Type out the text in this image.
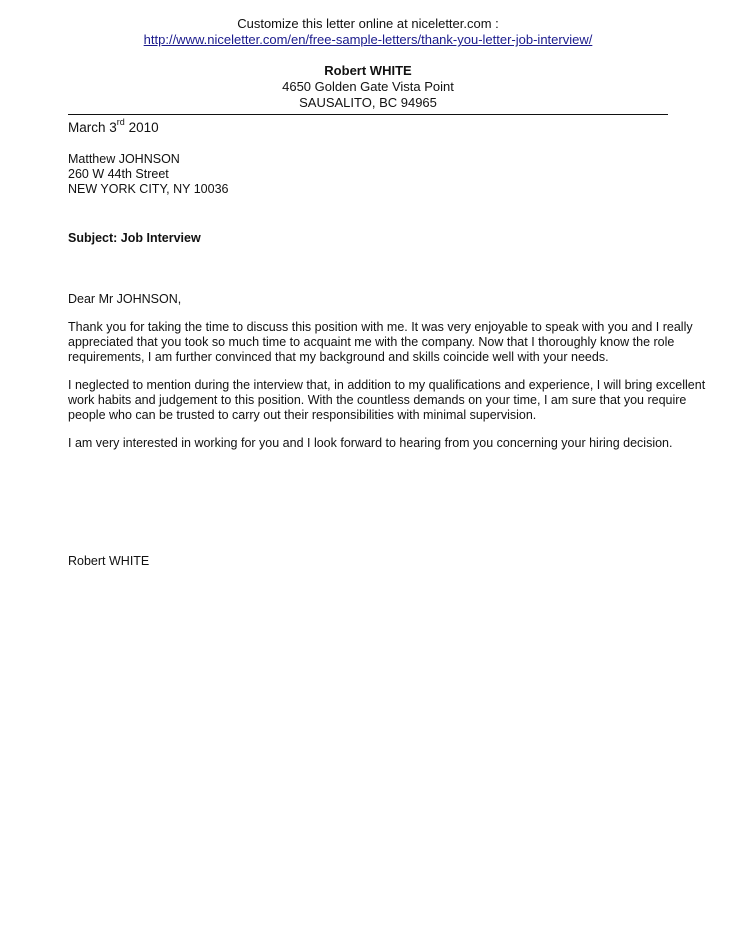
Customize this letter online at niceletter.com :
http://www.niceletter.com/en/free-sample-letters/thank-you-letter-job-interview/
Robert WHITE
4650 Golden Gate Vista Point
SAUSALITO, BC 94965
March 3rd 2010
Matthew JOHNSON
260 W 44th Street
NEW YORK CITY, NY 10036
Subject: Job Interview
Dear Mr JOHNSON,
Thank you for taking the time to discuss this position with me. It was very enjoyable to speak with you and I really
appreciated that you took so much time to acquaint me with the company. Now that I thoroughly know the role
requirements, I am further convinced that my background and skills coincide well with your needs.
I neglected to mention during the interview that, in addition to my qualifications and experience, I will bring excellent
work habits and judgement to this position. With the countless demands on your time, I am sure that you require
people who can be trusted to carry out their responsibilities with minimal supervision.
I am very interested in working for you and I look forward to hearing from you concerning your hiring decision.
Robert WHITE
